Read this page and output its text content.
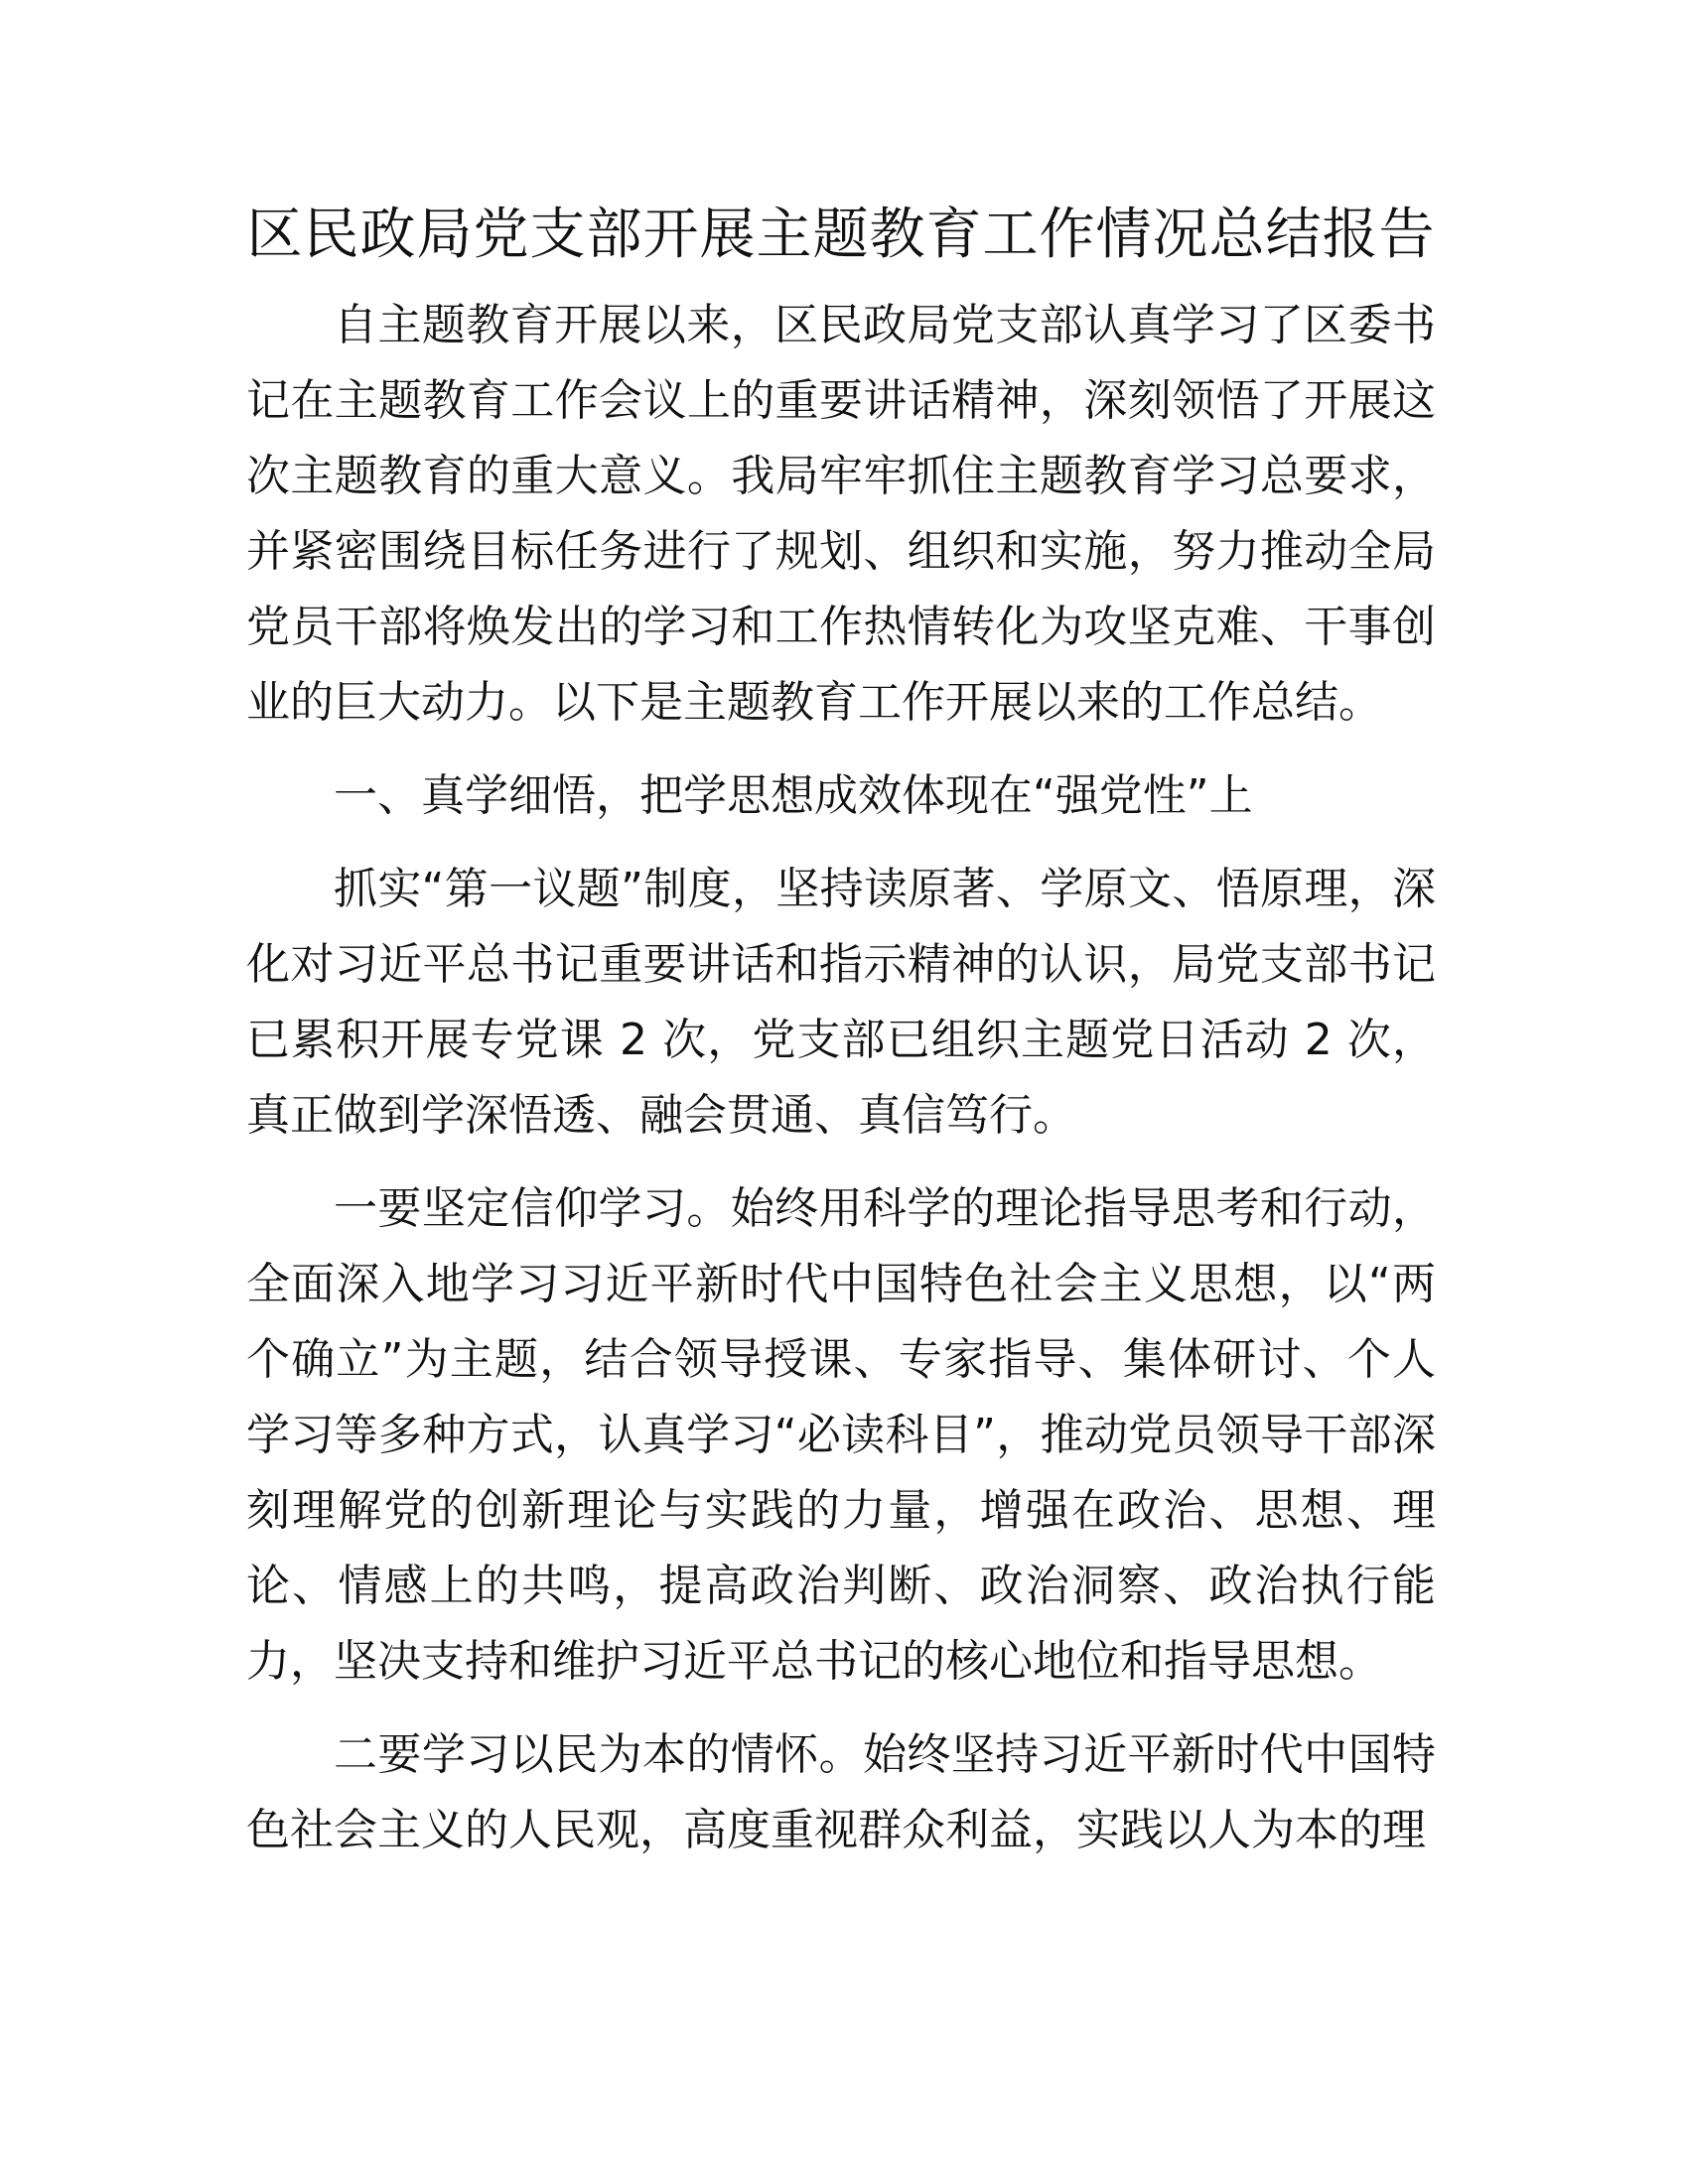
区民政局党支部开展主题教育工作情况总结报告

自主题教育开展以来，区民政局党支部认真学习了区委书记在主题教育工作会议上的重要讲话精神，深刻领悟了开展这次主题教育的重大意义。我局牢牢抓住主题教育学习总要求，并紧密围绕目标任务进行了规划、组织和实施，努力推动全局党员干部将焕发出的学习和工作热情转化为攻坚克难、干事创业的巨大动力。以下是主题教育工作开展以来的工作总结。

一、真学细悟，把学思想成效体现在“强党性”上

抓实“第一议题”制度，坚持读原著、学原文、悟原理，深化对习近平总书记重要讲话和指示精神的认识，局党支部书记已累积开展专党课 2 次，党支部已组织主题党日活动 2 次，真正做到学深悟透、融会贯通、真信笃行。

一要坚定信仰学习。始终用科学的理论指导思考和行动，全面深入地学习习近平新时代中国特色社会主义思想，以“两个确立”为主题，结合领导授课、专家指导、集体研讨、个人学习等多种方式，认真学习“必读科目”，推动党员领导干部深刻理解党的创新理论与实践的力量，增强在政治、思想、理论、情感上的共鸣，提高政治判断、政治洞察、政治执行能力，坚决支持和维护习近平总书记的核心地位和指导思想。

二要学习以民为本的情怀。始终坚持习近平新时代中国特色社会主义的人民观，高度重视群众利益，实践以人为本的理
